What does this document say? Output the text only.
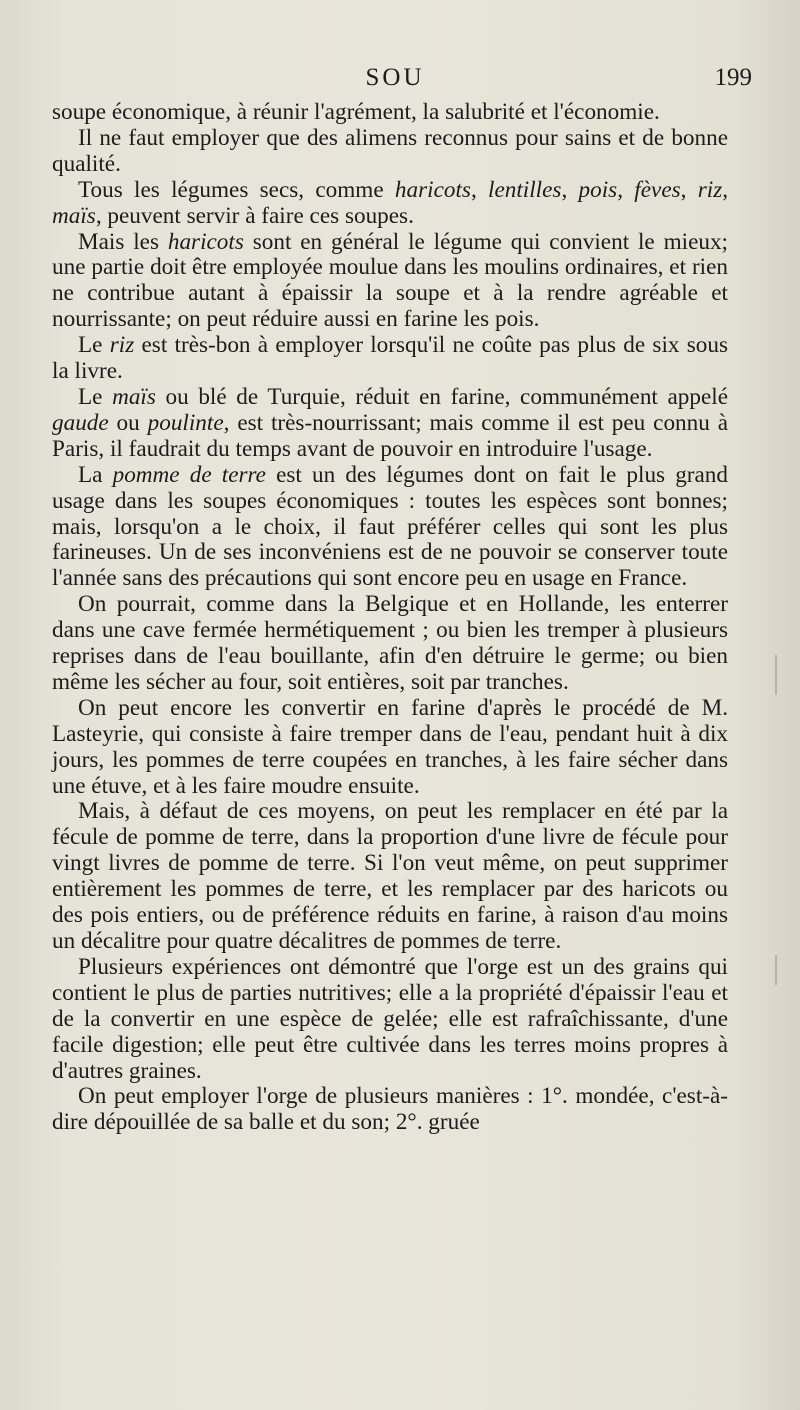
SOU	199

soupe économique, à réunir l'agrément, la salubrité et l'économie.

Il ne faut employer que des alimens reconnus pour sains et de bonne qualité.

Tous les légumes secs, comme haricots, lentilles, pois, fèves, riz, maïs, peuvent servir à faire ces soupes.

Mais les haricots sont en général le légume qui convient le mieux; une partie doit être employée moulue dans les moulins ordinaires, et rien ne contribue autant à épaissir la soupe et à la rendre agréable et nourrissante; on peut réduire aussi en farine les pois.

Le riz est très-bon à employer lorsqu'il ne coûte pas plus de six sous la livre.

Le maïs ou blé de Turquie, réduit en farine, communément appelé gaude ou poulinte, est très-nourrissant; mais comme il est peu connu à Paris, il faudrait du temps avant de pouvoir en introduire l'usage.

La pomme de terre est un des légumes dont on fait le plus grand usage dans les soupes économiques : toutes les espèces sont bonnes; mais, lorsqu'on a le choix, il faut préférer celles qui sont les plus farineuses. Un de ses inconvéniens est de ne pouvoir se conserver toute l'année sans des précautions qui sont encore peu en usage en France.

On pourrait, comme dans la Belgique et en Hollande, les enterrer dans une cave fermée hermétiquement ; ou bien les tremper à plusieurs reprises dans de l'eau bouillante, afin d'en détruire le germe; ou bien même les sécher au four, soit entières, soit par tranches.

On peut encore les convertir en farine d'après le procédé de M. Lasteyrie, qui consiste à faire tremper dans de l'eau, pendant huit à dix jours, les pommes de terre coupées en tranches, à les faire sécher dans une étuve, et à les faire moudre ensuite.

Mais, à défaut de ces moyens, on peut les remplacer en été par la fécule de pomme de terre, dans la proportion d'une livre de fécule pour vingt livres de pomme de terre. Si l'on veut même, on peut supprimer entièrement les pommes de terre, et les remplacer par des haricots ou des pois entiers, ou de préférence réduits en farine, à raison d'au moins un décalitre pour quatre décalitres de pommes de terre.

Plusieurs expériences ont démontré que l'orge est un des grains qui contient le plus de parties nutritives; elle a la propriété d'épaissir l'eau et de la convertir en une espèce de gelée; elle est rafraîchissante, d'une facile digestion; elle peut être cultivée dans les terres moins propres à d'autres graines.

On peut employer l'orge de plusieurs manières : 1°. mondée, c'est-à-dire dépouillée de sa balle et du son; 2°. gruée
